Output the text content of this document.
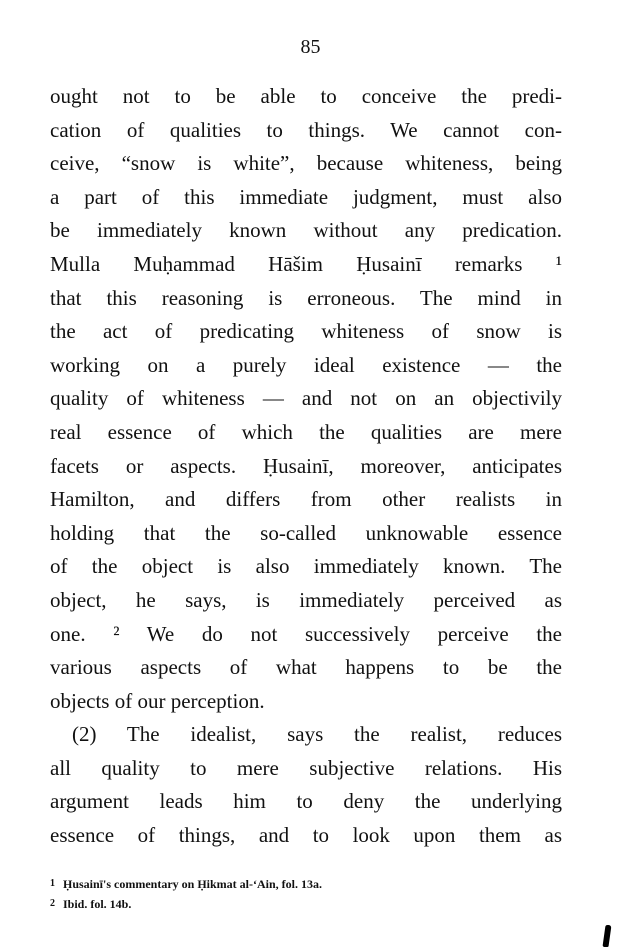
85
ought not to be able to conceive the predi-
cation of qualities to things. We cannot con-
ceive, “snow is white”, because whiteness, being
a part of this immediate judgment, must also
be immediately known without any predication.
Mulla Muḥammad Hāšim Ḥusainī remarks ¹
that this reasoning is erroneous. The mind in
the act of predicating whiteness of snow is
working on a purely ideal existence — the
quality of whiteness — and not on an objectivily
real essence of which the qualities are mere
facets or aspects. Ḥusainī, moreover, anticipates
Hamilton, and differs from other realists in
holding that the so-called unknowable essence
of the object is also immediately known. The
object, he says, is immediately perceived as
one. ² We do not successively perceive the
various aspects of what happens to be the
objects of our perception.
(2) The idealist, says the realist, reduces
all quality to mere subjective relations. His
argument leads him to deny the underlying
essence of things, and to look upon them as
1 Ḥusainī's commentary on Ḥikmat al-‘Ain, fol. 13a.
2 Ibid. fol. 14b.
